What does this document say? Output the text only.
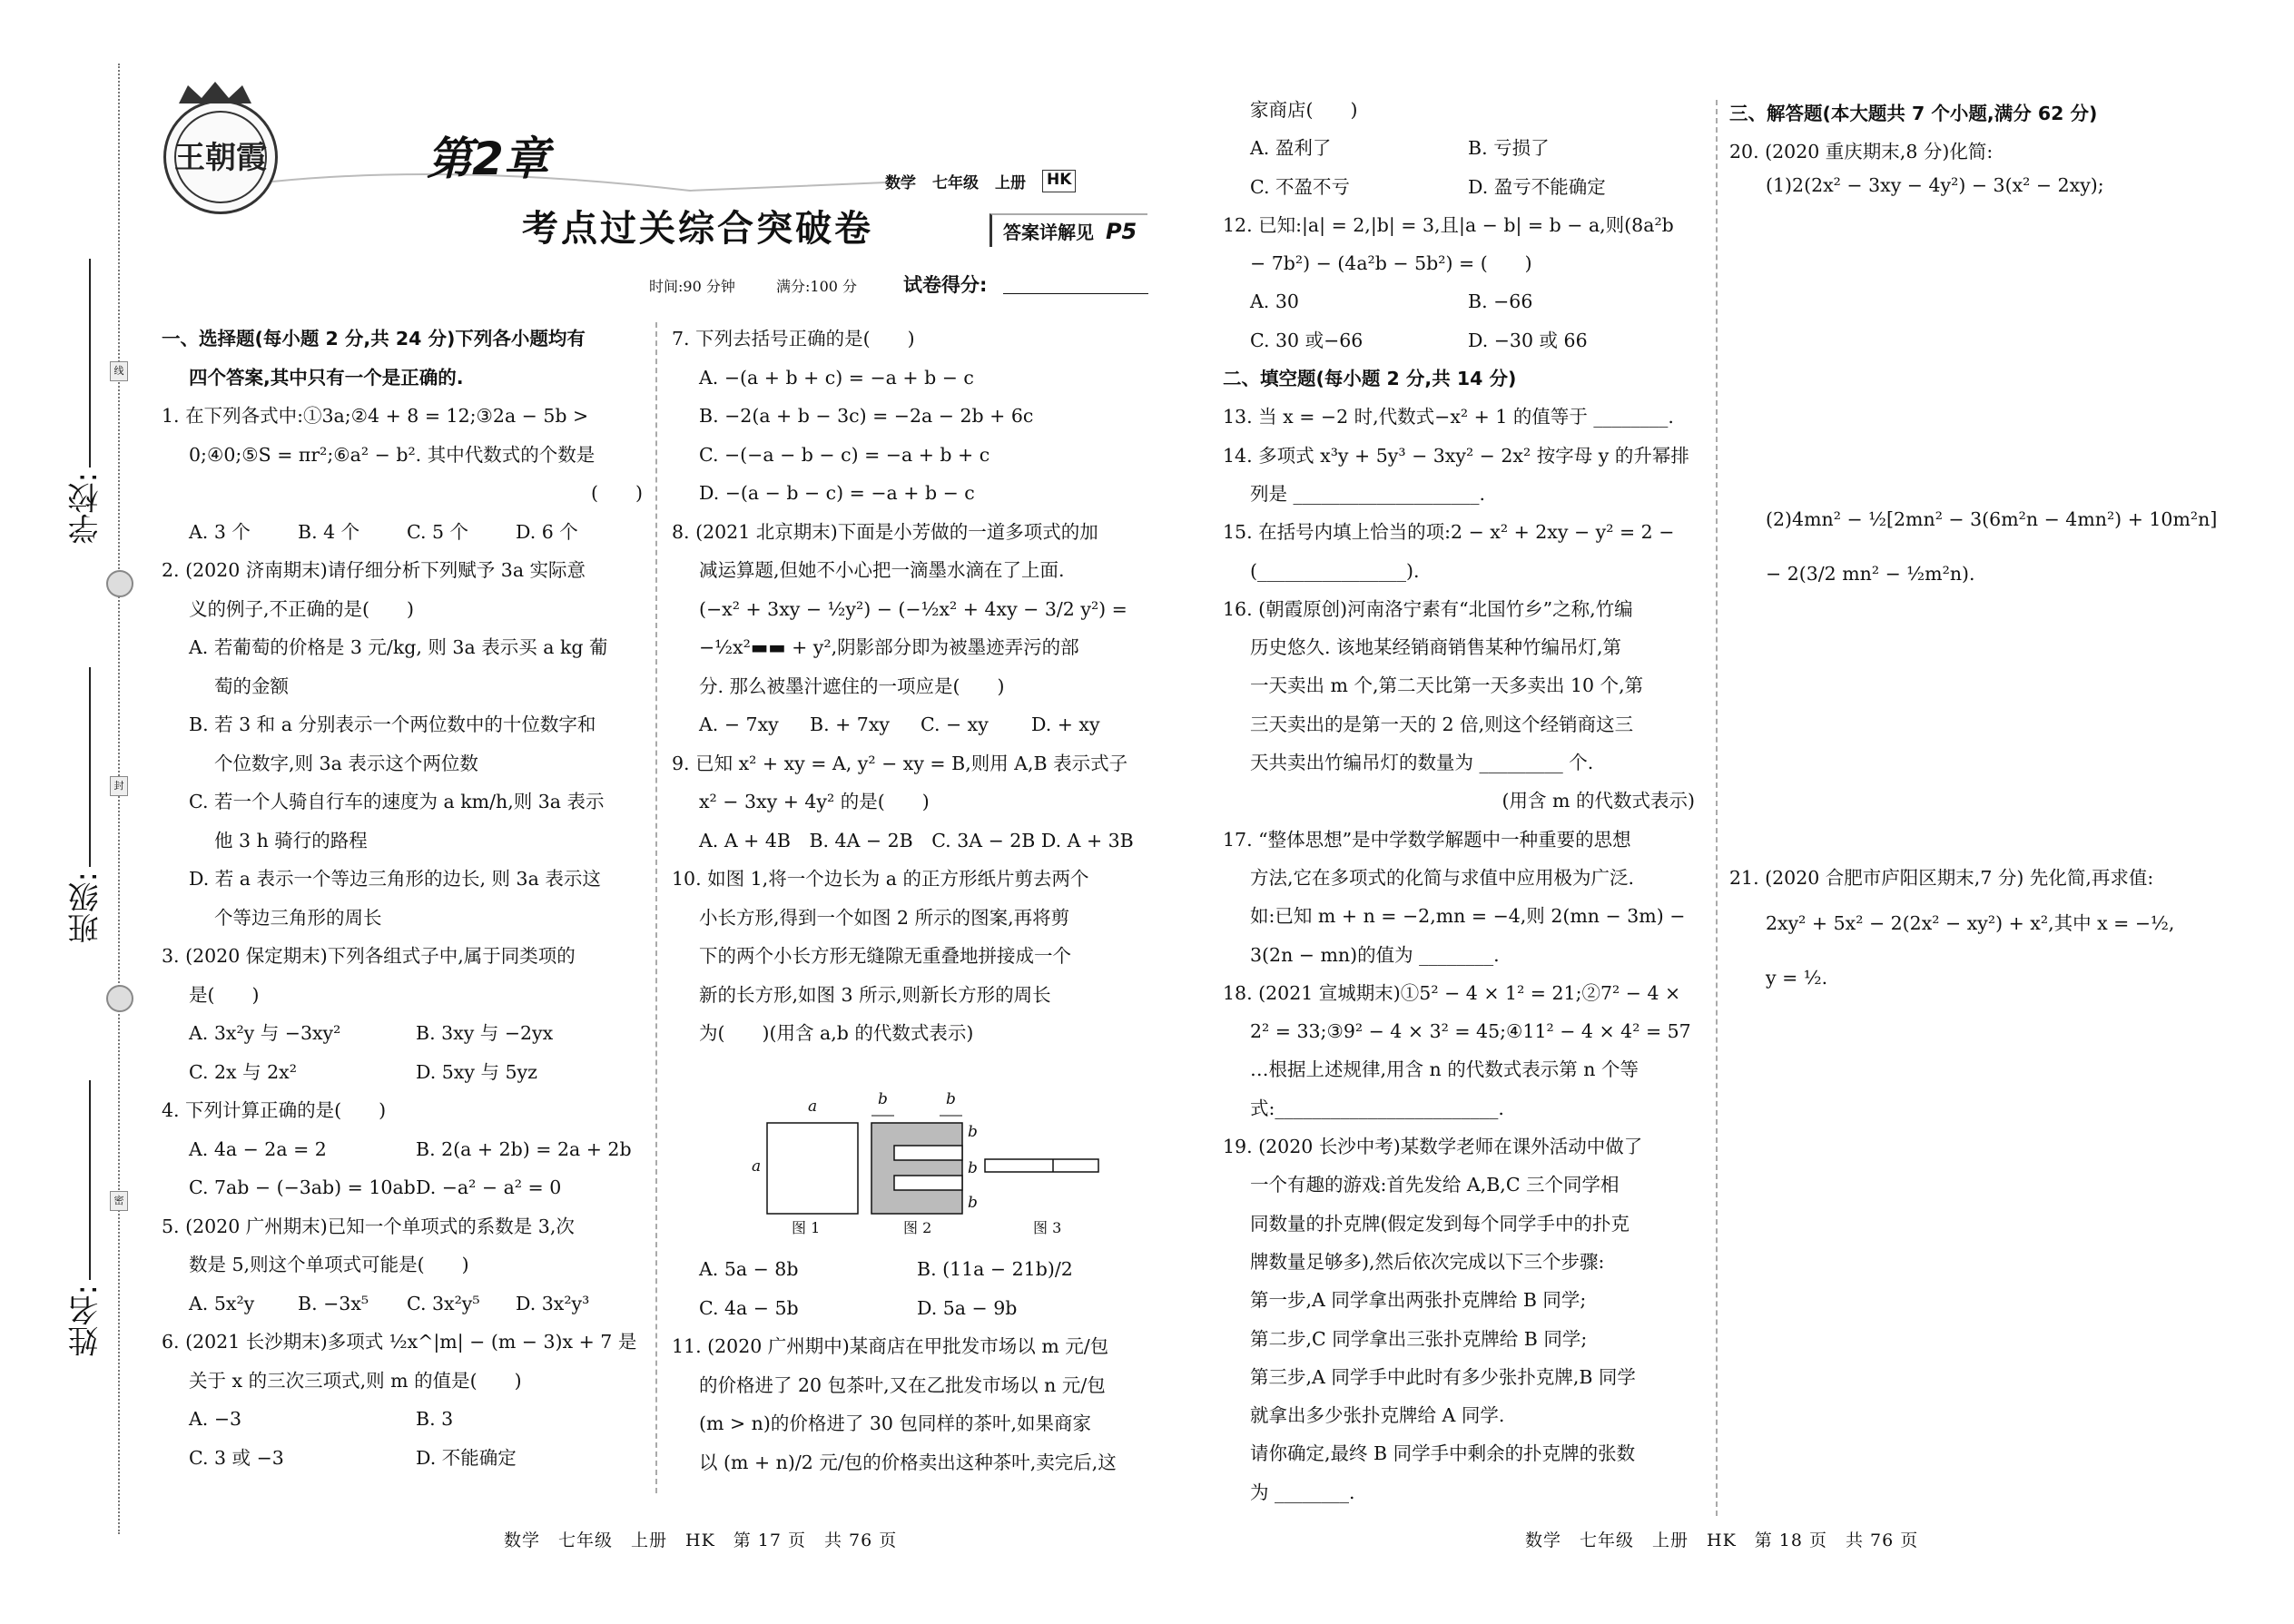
线
封
密
学校:
班级:
姓名:
王朝霞	第2章
考点过关综合突破卷
数学 七年级 上册 HK
答案详解见 P5
时间:90 分钟	满分:100 分 试卷得分:

一、选择题(每小题 2 分,共 24 分)下列各小题均有

四个答案,其中只有一个是正确的.

1. 在下列各式中:①3a;②4 + 8 = 12;③2a − 5b >

0;④0;⑤S = πr²;⑥a² − b². 其中代数式的个数是

(　　)

A. 3 个	B. 4 个	C. 5 个	D. 6 个

2. (2020 济南期末)请仔细分析下列赋予 3a 实际意

义的例子,不正确的是(　　)

A. 若葡萄的价格是 3 元/kg, 则 3a 表示买 a kg 葡

萄的金额

B. 若 3 和 a 分别表示一个两位数中的十位数字和

个位数字,则 3a 表示这个两位数

C. 若一个人骑自行车的速度为 a km/h,则 3a 表示

他 3 h 骑行的路程

D. 若 a 表示一个等边三角形的边长, 则 3a 表示这

个等边三角形的周长

3. (2020 保定期末)下列各组式子中,属于同类项的

是(　　)

A. 3x²y 与 −3xy²	B. 3xy 与 −2yx

C. 2x 与 2x²	D. 5xy 与 5yz

4. 下列计算正确的是(　　)

A. 4a − 2a = 2	B. 2(a + 2b) = 2a + 2b

C. 7ab − (−3ab) = 10ab D. −a² − a² = 0

5. (2020 广州期末)已知一个单项式的系数是 3,次

数是 5,则这个单项式可能是(　　)

A. 5x²y	B. −3x⁵	C. 3x²y⁵	D. 3x²y³

6. (2021 长沙期末)多项式 ½x^|m| − (m − 3)x + 7 是

关于 x 的三次三项式,则 m 的值是(　　)

A. −3	B. 3

C. 3 或 −3	D. 不能确定

7. 下列去括号正确的是(　　)

A. −(a + b + c) = −a + b − c

B. −2(a + b − 3c) = −2a − 2b + 6c

C. −(−a − b − c) = −a + b + c

D. −(a − b − c) = −a + b − c

8. (2021 北京期末)下面是小芳做的一道多项式的加

减运算题,但她不小心把一滴墨水滴在了上面.

(−x² + 3xy − ½y²) − (−½x² + 4xy − 3/2 y²) =

−½x²▬▬ + y²,阴影部分即为被墨迹弄污的部

分. 那么被墨汁遮住的一项应是(　　)

A. − 7xy	B. + 7xy	C. − xy	D. + xy

9. 已知 x² + xy = A, y² − xy = B,则用 A,B 表示式子

x² − 3xy + 4y² 的是(　　)

A. A + 4B　B. 4A − 2B　C. 3A − 2B D. A + 3B

10. 如图 1,将一个边长为 a 的正方形纸片剪去两个

小长方形,得到一个如图 2 所示的图案,再将剪

下的两个小长方形无缝隙无重叠地拼接成一个

新的长方形,如图 3 所示,则新长方形的周长

为(　　)(用含 a,b 的代数式表示)

a
a
b	b
b
b
b
图 1	图 2	图 3

A. 5a − 8b	B. (11a − 21b)/2

C. 4a − 5b	D. 5a − 9b

11. (2020 广州期中)某商店在甲批发市场以 m 元/包

的价格进了 20 包茶叶,又在乙批发市场以 n 元/包

(m > n)的价格进了 30 包同样的茶叶,如果商家

以 (m + n)/2 元/包的价格卖出这种茶叶,卖完后,这

家商店(　　)

A. 盈利了	B. 亏损了

C. 不盈不亏	D. 盈亏不能确定

12. 已知:|a| = 2,|b| = 3,且|a − b| = b − a,则(8a²b

− 7b²) − (4a²b − 5b²) = (　　)

A. 30	B. −66

C. 30 或−66	D. −30 或 66

二、填空题(每小题 2 分,共 14 分)

13. 当 x = −2 时,代数式−x² + 1 的值等于 ________.

14. 多项式 x³y + 5y³ − 3xy² − 2x² 按字母 y 的升幂排

列是 ____________________.

15. 在括号内填上恰当的项:2 − x² + 2xy − y² = 2 −

(________________).

16. (朝霞原创)河南洛宁素有“北国竹乡”之称,竹编

历史悠久. 该地某经销商销售某种竹编吊灯,第

一天卖出 m 个,第二天比第一天多卖出 10 个,第

三天卖出的是第一天的 2 倍,则这个经销商这三

天共卖出竹编吊灯的数量为 _________ 个.

(用含 m 的代数式表示)

17. “整体思想”是中学数学解题中一种重要的思想

方法,它在多项式的化简与求值中应用极为广泛.

如:已知 m + n = −2,mn = −4,则 2(mn − 3m) −

3(2n − mn)的值为 ________.

18. (2021 宣城期末)①5² − 4 × 1² = 21;②7² − 4 ×

2² = 33;③9² − 4 × 3² = 45;④11² − 4 × 4² = 57

…根据上述规律,用含 n 的代数式表示第 n 个等

式:________________________.

19. (2020 长沙中考)某数学老师在课外活动中做了

一个有趣的游戏:首先发给 A,B,C 三个同学相

同数量的扑克牌(假定发到每个同学手中的扑克

牌数量足够多),然后依次完成以下三个步骤:

第一步,A 同学拿出两张扑克牌给 B 同学;

第二步,C 同学拿出三张扑克牌给 B 同学;

第三步,A 同学手中此时有多少张扑克牌,B 同学

就拿出多少张扑克牌给 A 同学.

请你确定,最终 B 同学手中剩余的扑克牌的张数

为 ________.

三、解答题(本大题共 7 个小题,满分 62 分)
20. (2020 重庆期末,8 分)化简:
(1)2(2x² − 3xy − 4y²) − 3(x² − 2xy);
(2)4mn² − ½[2mn² − 3(6m²n − 4mn²) + 10m²n]
− 2(3/2 mn² − ½m²n).
21. (2020 合肥市庐阳区期末,7 分) 先化简,再求值:
2xy² + 5x² − 2(2x² − xy²) + x²,其中 x = −½,
y = ½.
数学　七年级　上册　HK　第 17 页　共 76 页	数学　七年级　上册　HK　第 18 页　共 76 页
